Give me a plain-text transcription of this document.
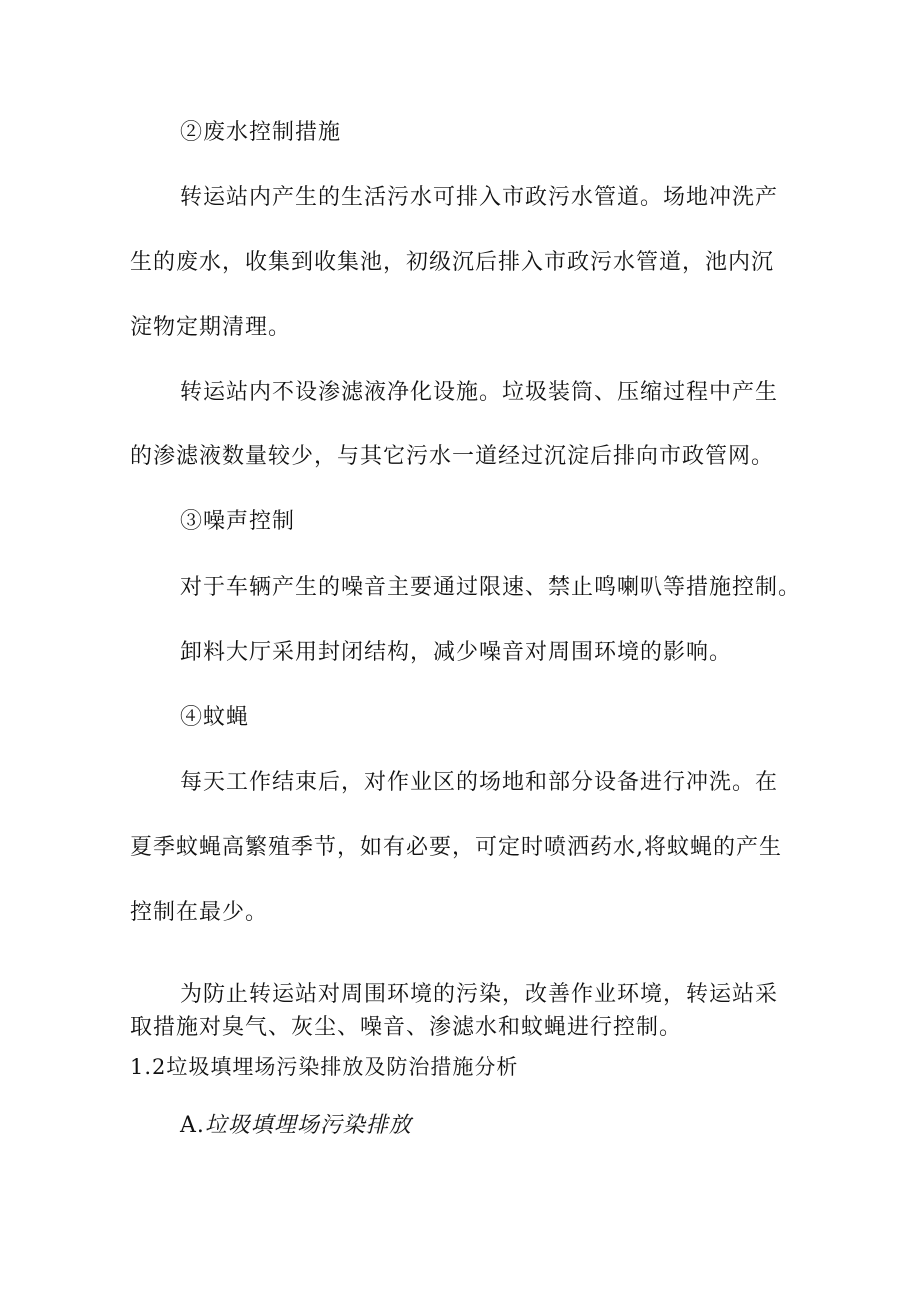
②废水控制措施
转运站内产生的生活污水可排入市政污水管道。场地冲洗产
生的废水，收集到收集池，初级沉后排入市政污水管道，池内沉
淀物定期清理。
转运站内不设渗滤液净化设施。垃圾装筒、压缩过程中产生
的渗滤液数量较少，与其它污水一道经过沉淀后排向市政管网。
③噪声控制
对于车辆产生的噪音主要通过限速、禁止鸣喇叭等措施控制。
卸料大厅采用封闭结构，减少噪音对周围环境的影响。
④蚊蝇
每天工作结束后，对作业区的场地和部分设备进行冲洗。在
夏季蚊蝇高繁殖季节，如有必要，可定时喷洒药水,将蚊蝇的产生
控制在最少。
为防止转运站对周围环境的污染，改善作业环境，转运站采
取措施对臭气、灰尘、噪音、渗滤水和蚊蝇进行控制。
1.2垃圾填埋场污染排放及防治措施分析
A.垃圾填埋场污染排放
